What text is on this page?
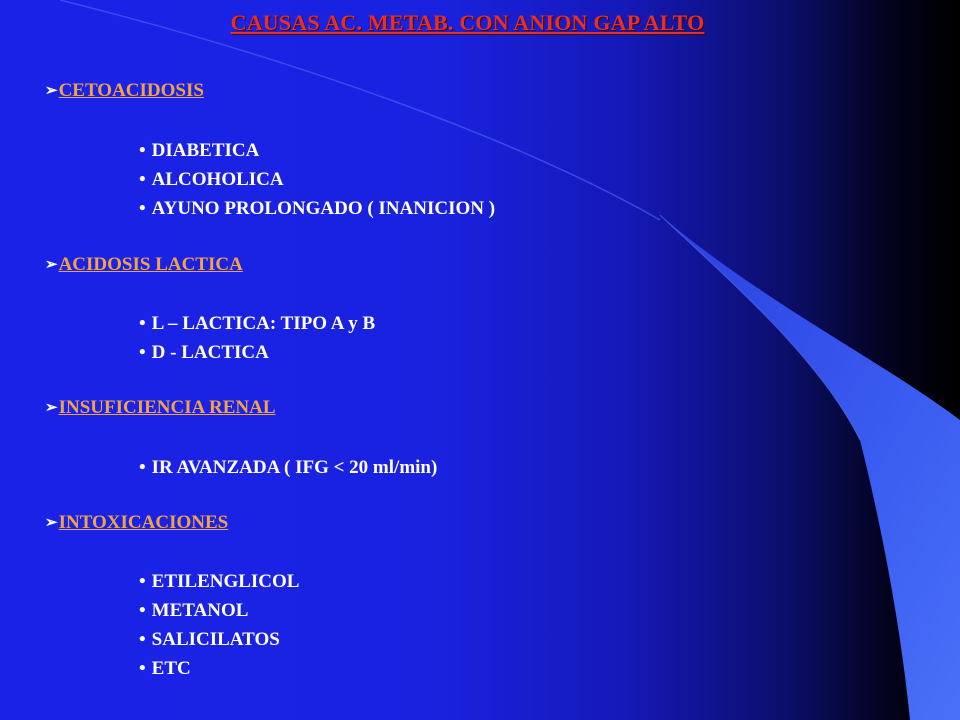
CAUSAS AC. METAB. CON ANION GAP ALTO
➢CETOACIDOSIS
• DIABETICA
• ALCOHOLICA
• AYUNO PROLONGADO ( INANICION )
➢ACIDOSIS LACTICA
• L – LACTICA: TIPO A y B
• D - LACTICA
➢INSUFICIENCIA RENAL
• IR AVANZADA ( IFG < 20 ml/min)
➢INTOXICACIONES
• ETILENGLICOL
• METANOL
• SALICILATOS
• ETC
